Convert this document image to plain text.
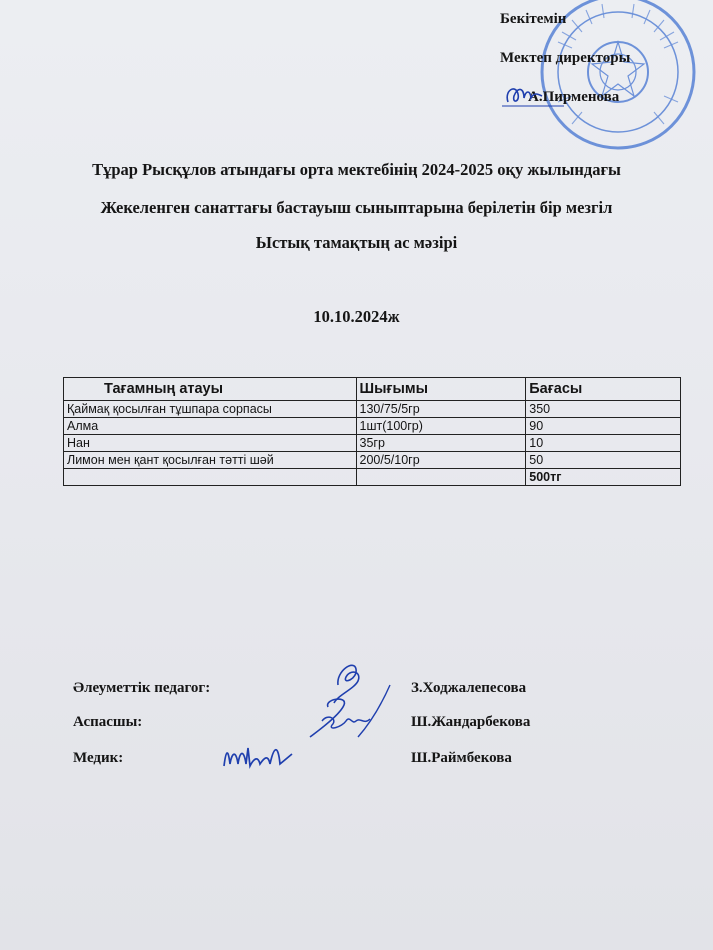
Бекітемін
Мектеп директоры
А.Пирменова
Тұрар Рысқұлов атындағы орта мектебінің 2024-2025 оқу жылындағы
Жекеленген санаттағы бастауыш сыныптарына берілетін бір мезгіл
Ыстық тамақтың ас мәзірі
10.10.2024ж
Тағамның атауы	Шығымы	Бағасы
Қаймақ қосылған тұшпара сорпасы	130/75/5гр	350
Алма	1шт(100гр)	90
Нан	35гр	10
Лимон мен қант қосылған тәтті шәй	200/5/10гр	50
		500тг
Әлеуметтік педагог:	З.Ходжалепесова
Аспасшы:	Ш.Жандарбекова
Медик:	Ш.Раймбекова
